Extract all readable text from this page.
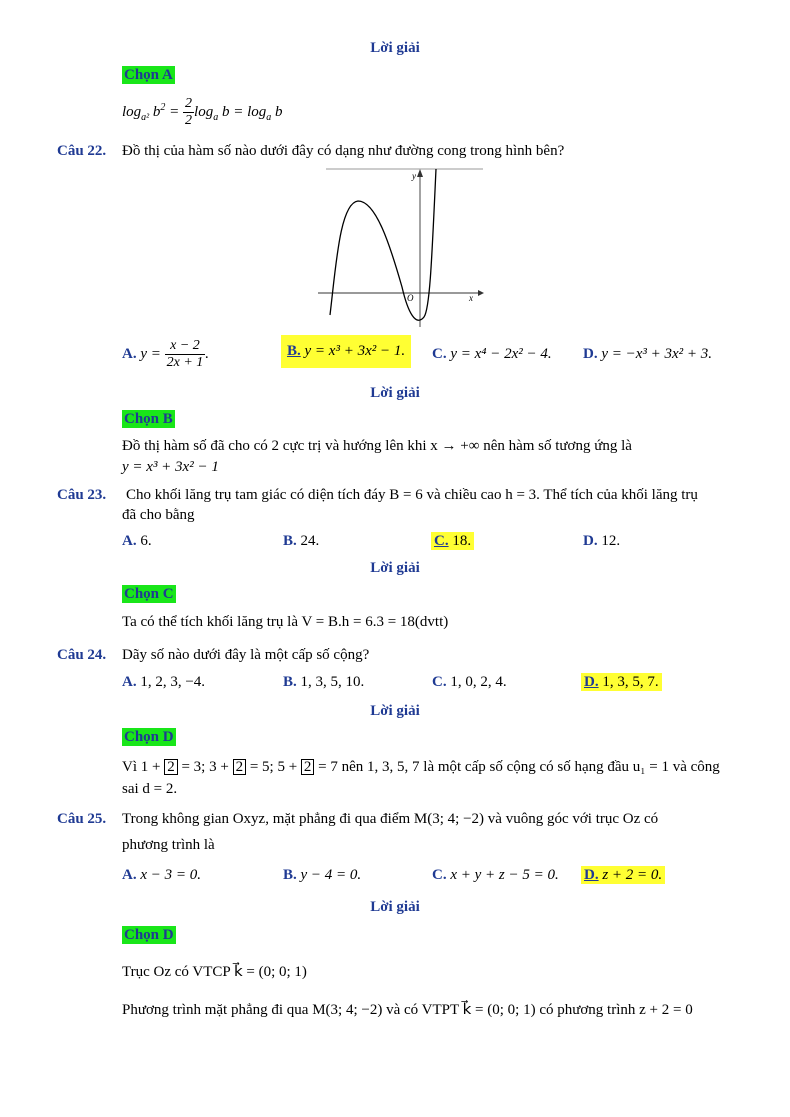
Lời giải
Chọn A
$\log_{a^2} b^2 = \frac{2}{2} \log_a b = \log_a b$
Câu 22. Đồ thị của hàm số nào dưới đây có dạng như đường cong trong hình bên?
y
x
O
A. $y = \frac{x - 2}{2x + 1}$ .	B. y = x³ + 3x² − 1.	C. y = x⁴ − 2x² − 4. D. y = −x³ + 3x² + 3.
Lời giải
Chọn B
Đồ thị hàm số đã cho có 2 cực trị và hướng lên khi x → +∞ nên hàm số tương ứng là
y = x³ + 3x² − 1
Câu 23. Cho khối lăng trụ tam giác có diện tích đáy B = 6 và chiều cao h = 3. Thể tích của khối lăng trụ
đã cho bằng
A. 6.	B. 24.	C. 18.	D. 12.
Lời giải
Chọn C
Ta có thể tích khối lăng trụ là V = B.h = 6.3 = 18(dvtt)
Câu 24. Dãy số nào dưới đây là một cấp số cộng?
A. 1, 2, 3, −4.	B. 1, 3, 5, 10.	C. 1, 0, 2, 4.	D. 1, 3, 5, 7.
Lời giải
Chọn D
Vì 1 + 2 = 3; 3 + 2 = 5; 5 + 2 = 7 nên 1, 3, 5, 7 là một cấp số cộng có số hạng đầu u₁ = 1 và công
sai d = 2.
Câu 25. Trong không gian Oxyz, mặt phẳng đi qua điểm M(3; 4; −2) và vuông góc với trục Oz có
phương trình là
A. x − 3 = 0.	B. y − 4 = 0.	C. x + y + z − 5 = 0. D. z + 2 = 0.
Lời giải
Chọn D
Trục Oz có VTCP k⃗ = (0; 0; 1)
Phương trình mặt phẳng đi qua M(3; 4; −2) và có VTPT k⃗ = (0; 0; 1) có phương trình z + 2 = 0
